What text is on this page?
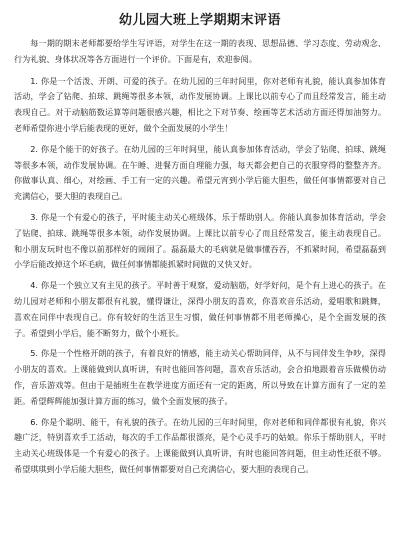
幼儿园大班上学期期末评语

每一期的期末老师都要给学生写评语，对学生在这一期的表现、思想品德、学习态度、劳动观念、行为礼貌、身体状况等各方面进行一个评价。下面是有，欢迎参阅。

1. 你是一个活泼、开朗、可爱的孩子。在幼儿园的三年时间里，你对老师有礼貌，能认真参加体育活动，学会了钻爬、拍球、跳绳等很多本领，动作发展协调。上课比以前专心了而且经常发言，能主动表现自己。对于动脑筋数运算等问题很感兴趣，相比之下对节奏、绘画等艺术活动方面还得加油努力。老师希望你进小学后能表现的更好，做个全面发展的小学生！

2. 你是个能干的好孩子。在幼儿园的三年时间里，能认真参加体育活动，学会了钻爬、拍球、跳绳等很多本领，动作发展协调。在午睡、进餐方面自理能力强，每天都会把自己的衣服穿得的整整齐齐。你做事认真、细心，对绘画、手工有一定的兴趣。希望元宵到小学后能大胆些，做任何事情都要对自己充满信心，要大胆的表现自己。

3. 你是一个有爱心的孩子，平时能主动关心班级体，乐于帮助别人。你能认真参加体育活动，学会了钻爬、拍球、跳绳等很多本领，动作发展协调。上课比以前专心了而且经常发言，能主动表现自己。和小朋友玩时也不像以前那样好的闹闹了。磊磊最大的毛病就是做事懂吞吞，不抓紧时间，希望磊磊到小学后能改掉这个坏毛病，做任何事情都能抓紧时间做的又快又好。

4. 你是一个独立又有主见的孩子。平时善于观察，爱动脑筋，好学好问，是个有上进心的孩子。在幼儿园对老师和小朋友都很有礼貌，懂得谦让，深得小朋友的喜欢，你喜欢音乐活动，爱唱歌和跳舞，喜欢在同伴中表现自己。你有较好的生活卫生习惯，做任何事情都不用老师操心，是个全面发展的孩子。希望到小学后，能不断努力，做个小班长。

5. 你是一个性格开朗的孩子，有着良好的情感，能主动关心帮助同伴，从不与同伴发生争吵，深得小朋友的喜欢。上课能做到认真听讲，有时也能回答问题，喜欢音乐活动，会合拍地跟着音乐做模仿动作，音乐游戏等。但由于是插班生在教学进度方面还有一定的距离，所以导致在计算方面有了一定的差距。希望辉辉能加强计算方面的练习，做个全面发展的孩子。

6. 你是个聪明、能干，有礼貌的孩子。在幼儿园的三年时间里，你对老师和同伴都很有礼貌，你兴趣广泛，特别喜欢手工活动，每次的手工作品都很漂亮，是个心灵手巧的姑娘。你乐于帮助别人，平时主动关心班级体是一个有爱心的孩子。上课能做到认真听讲，有时也能回答问题，但主动性还很不够。希望琪琪到小学后能大胆些，做任何事情都要对自己充满信心，要大胆的表现自己。
